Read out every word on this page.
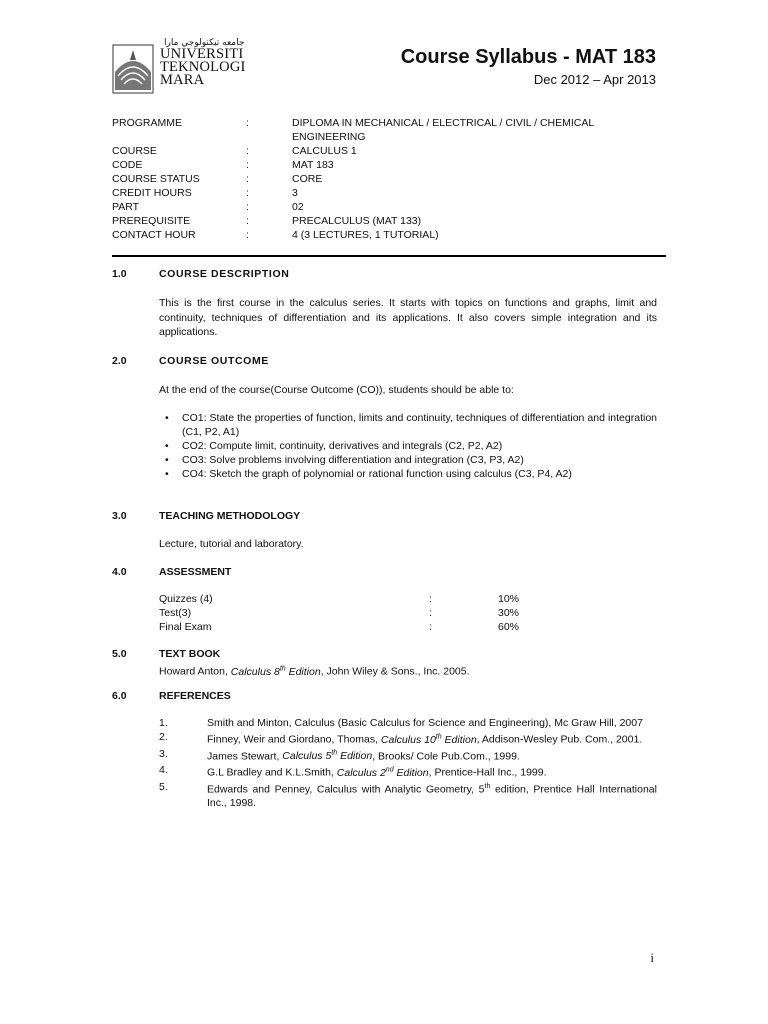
ﺟﺎﻣﻌﻪ ﺗﻴﻜﻨﻮﻟﻮﺟﻲ ﻣﺎرا
UNIVERSITI
TEKNOLOGI
MARA
Course Syllabus - MAT 183
Dec 2012 – Apr 2013
PROGRAMME	:	DIPLOMA IN MECHANICAL / ELECTRICAL / CIVIL / CHEMICAL ENGINEERING
COURSE	:	CALCULUS 1
CODE	:	MAT 183
COURSE STATUS	:	CORE
CREDIT HOURS	:	3
PART	:	02
PREREQUISITE	:	PRECALCULUS (MAT 133)
CONTACT HOUR	:	4 (3 LECTURES, 1 TUTORIAL)
1.0	COURSE DESCRIPTION
This is the first course in the calculus series. It starts with topics on functions and graphs, limit and continuity, techniques of differentiation and its applications. It also covers simple integration and its applications.
2.0	COURSE OUTCOME
At the end of the course(Course Outcome (CO)), students should be able to:
• CO1: State the properties of function, limits and continuity, techniques of differentiation and integration (C1, P2, A1)
• CO2: Compute limit, continuity, derivatives and integrals (C2, P2, A2)
• CO3: Solve problems involving differentiation and integration (C3, P3, A2)
• CO4: Sketch the graph of polynomial or rational function using calculus (C3, P4, A2)
3.0	TEACHING METHODOLOGY
Lecture, tutorial and laboratory.
4.0	ASSESSMENT
Quizzes (4)	:	10%
Test(3)	:	30%
Final Exam	:	60%
5.0	TEXT BOOK
Howard Anton, Calculus 8th Edition, John Wiley & Sons., Inc. 2005.
6.0	REFERENCES
1.	Smith and Minton, Calculus (Basic Calculus for Science and Engineering), Mc Graw Hill, 2007
2.	Finney, Weir and Giordano, Thomas, Calculus 10th Edition, Addison-Wesley Pub. Com., 2001.
3.	James Stewart, Calculus 5th Edition, Brooks/ Cole Pub.Com., 1999.
4.	G.L Bradley and K.L.Smith, Calculus 2nd Edition, Prentice-Hall Inc., 1999.
5.	Edwards and Penney, Calculus with Analytic Geometry, 5th edition, Prentice Hall International Inc., 1998.
i
